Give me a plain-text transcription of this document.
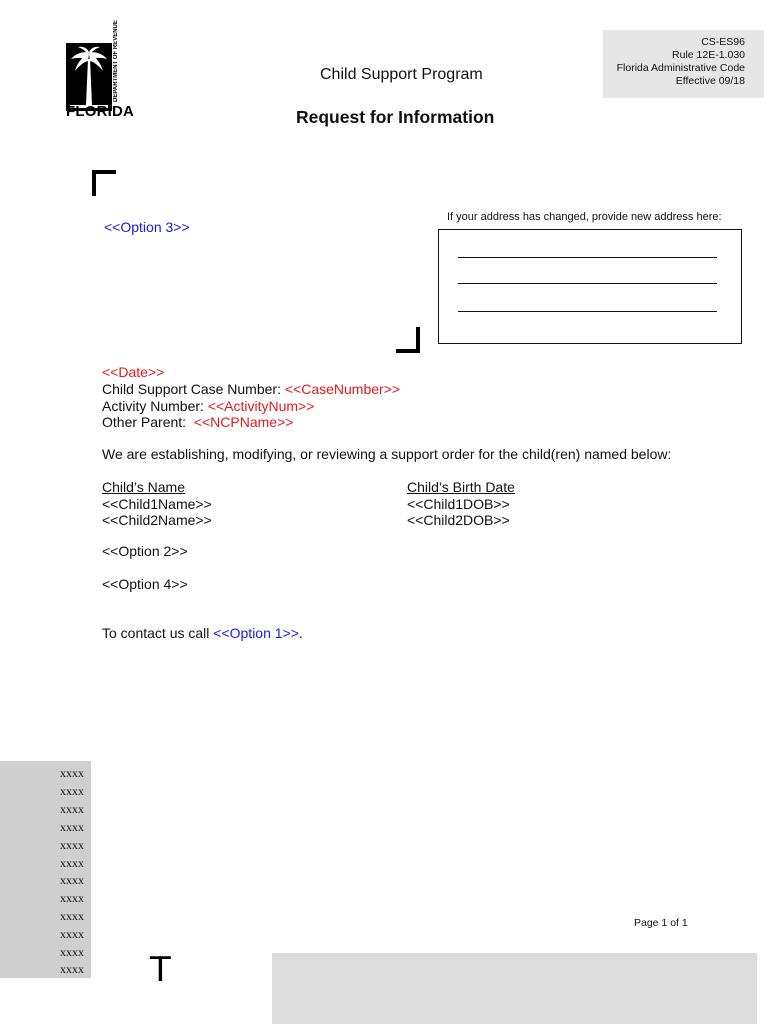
DEPARTMENT OF REVENUE
FLORIDA
CS-ES96
Rule 12E-1.030
Florida Administrative Code
Effective 09/18
Child Support Program
Request for Information
<<Option 3>>
If your address has changed, provide new address here:
<<Date>>
Child Support Case Number: <<CaseNumber>>
Activity Number: <<ActivityNum>>
Other Parent:  <<NCPName>>
We are establishing, modifying, or reviewing a support order for the child(ren) named below:
Child’s Name	Child’s Birth Date
<<Child1Name>>	<<Child1DOB>>
<<Child2Name>>	<<Child2DOB>>
<<Option 2>>
<<Option 4>>
To contact us call <<Option 1>>.
xxxx
xxxx
xxxx
xxxx
xxxx
xxxx
xxxx
xxxx
xxxx
xxxx
xxxx
xxxx T
Page 1 of 1
